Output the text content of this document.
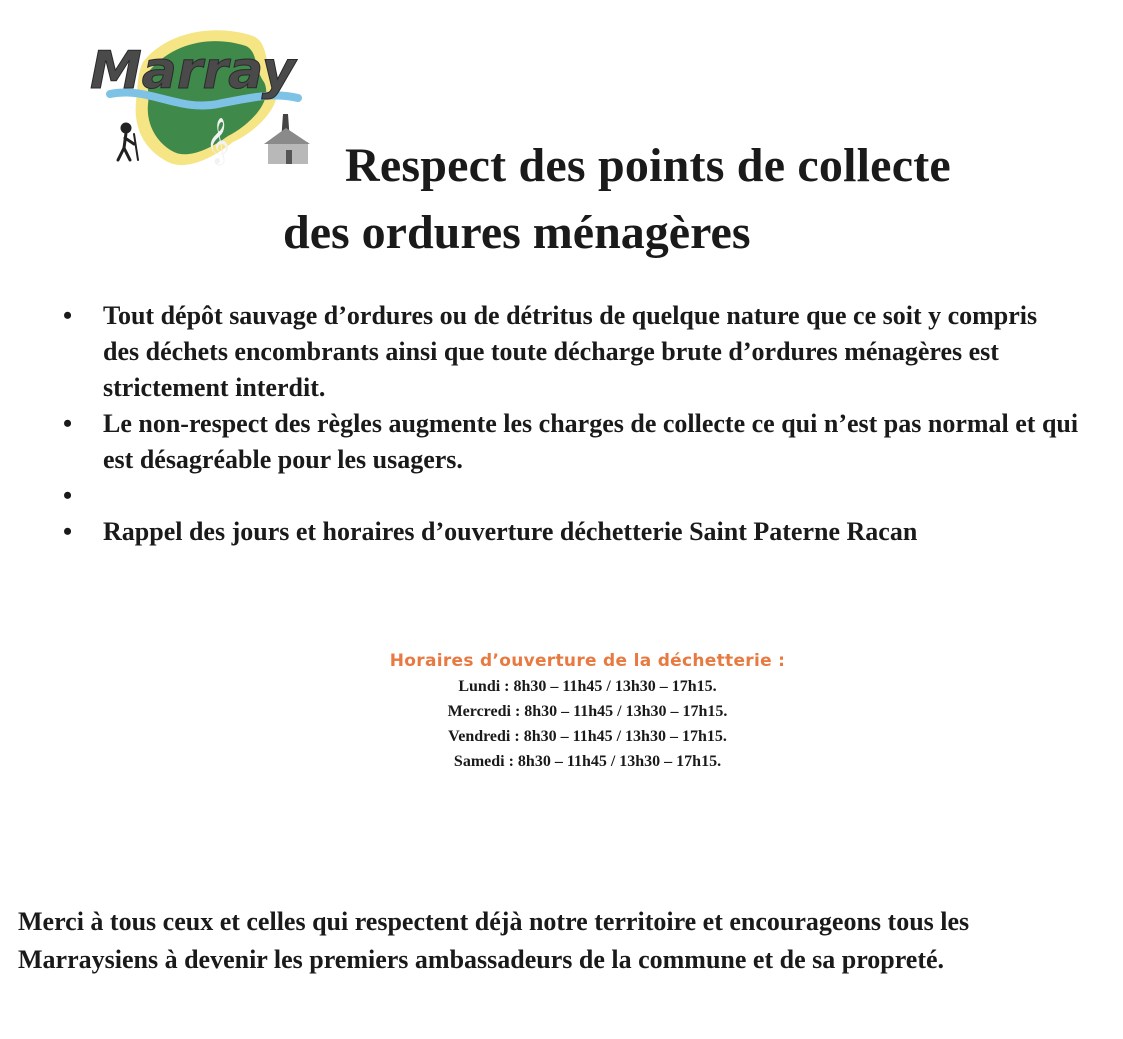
𝄞
Marray
Respect des points de collecte
des ordures ménagères
• Tout dépôt sauvage d’ordures ou de détritus de quelque nature que ce soit y compris des déchets encombrants ainsi que toute décharge brute d’ordures ménagères est strictement interdit.
• Le non-respect des règles augmente les charges de collecte ce qui n’est pas normal et qui est désagréable pour les usagers.
•
• Rappel des jours et horaires d’ouverture déchetterie Saint Paterne Racan
Horaires d’ouverture de la déchetterie :
Lundi : 8h30 – 11h45 / 13h30 – 17h15.
Mercredi : 8h30 – 11h45 / 13h30 – 17h15.
Vendredi : 8h30 – 11h45 / 13h30 – 17h15.
Samedi : 8h30 – 11h45 / 13h30 – 17h15.
Merci à tous ceux et celles qui respectent déjà notre territoire et encourageons tous les Marraysiens à devenir les premiers ambassadeurs de la commune et de sa propreté.
